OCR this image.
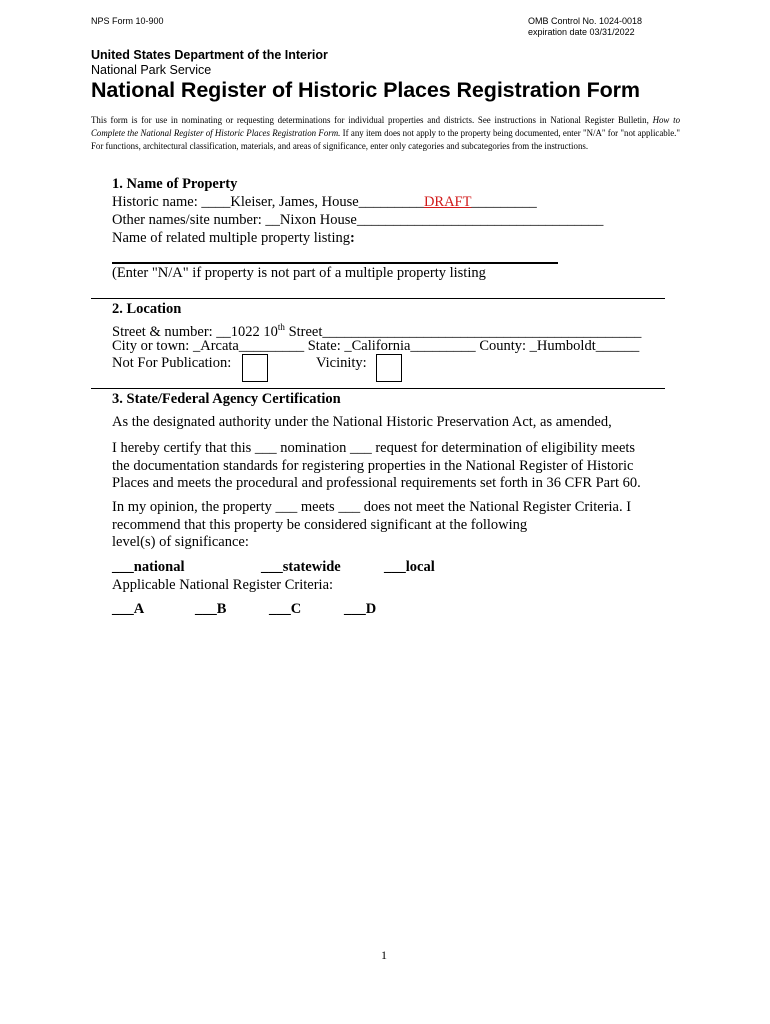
NPS Form 10-900	OMB Control No. 1024-0018
expiration date 03/31/2022
United States Department of the Interior
National Park Service
National Register of Historic Places Registration Form
This form is for use in nominating or requesting determinations for individual properties and districts. See instructions in National Register Bulletin, How to Complete the National Register of Historic Places Registration Form. If any item does not apply to the property being documented, enter "N/A" for "not applicable." For functions, architectural classification, materials, and areas of significance, enter only categories and subcategories from the instructions.
1. Name of Property
Historic name: ____Kleiser, James, House_________DRAFT_________
Other names/site number: __Nixon House__________________________________
Name of related multiple property listing:
(Enter "N/A" if property is not part of a multiple property listing
2. Location
Street & number: __1022 10th Street____________________________________________
City or town: _Arcata_________ State: _California_________ County: _Humboldt______
Not For Publication:	Vicinity:
3. State/Federal Agency Certification
As the designated authority under the National Historic Preservation Act, as amended,
I hereby certify that this ___ nomination ___ request for determination of eligibility meets
the documentation standards for registering properties in the National Register of Historic
Places and meets the procedural and professional requirements set forth in 36 CFR Part 60.
In my opinion, the property ___ meets ___ does not meet the National Register Criteria. I
recommend that this property be considered significant at the following
level(s) of significance:
___national	___statewide	___local
Applicable National Register Criteria:
___A	___B	___C	___D
1
